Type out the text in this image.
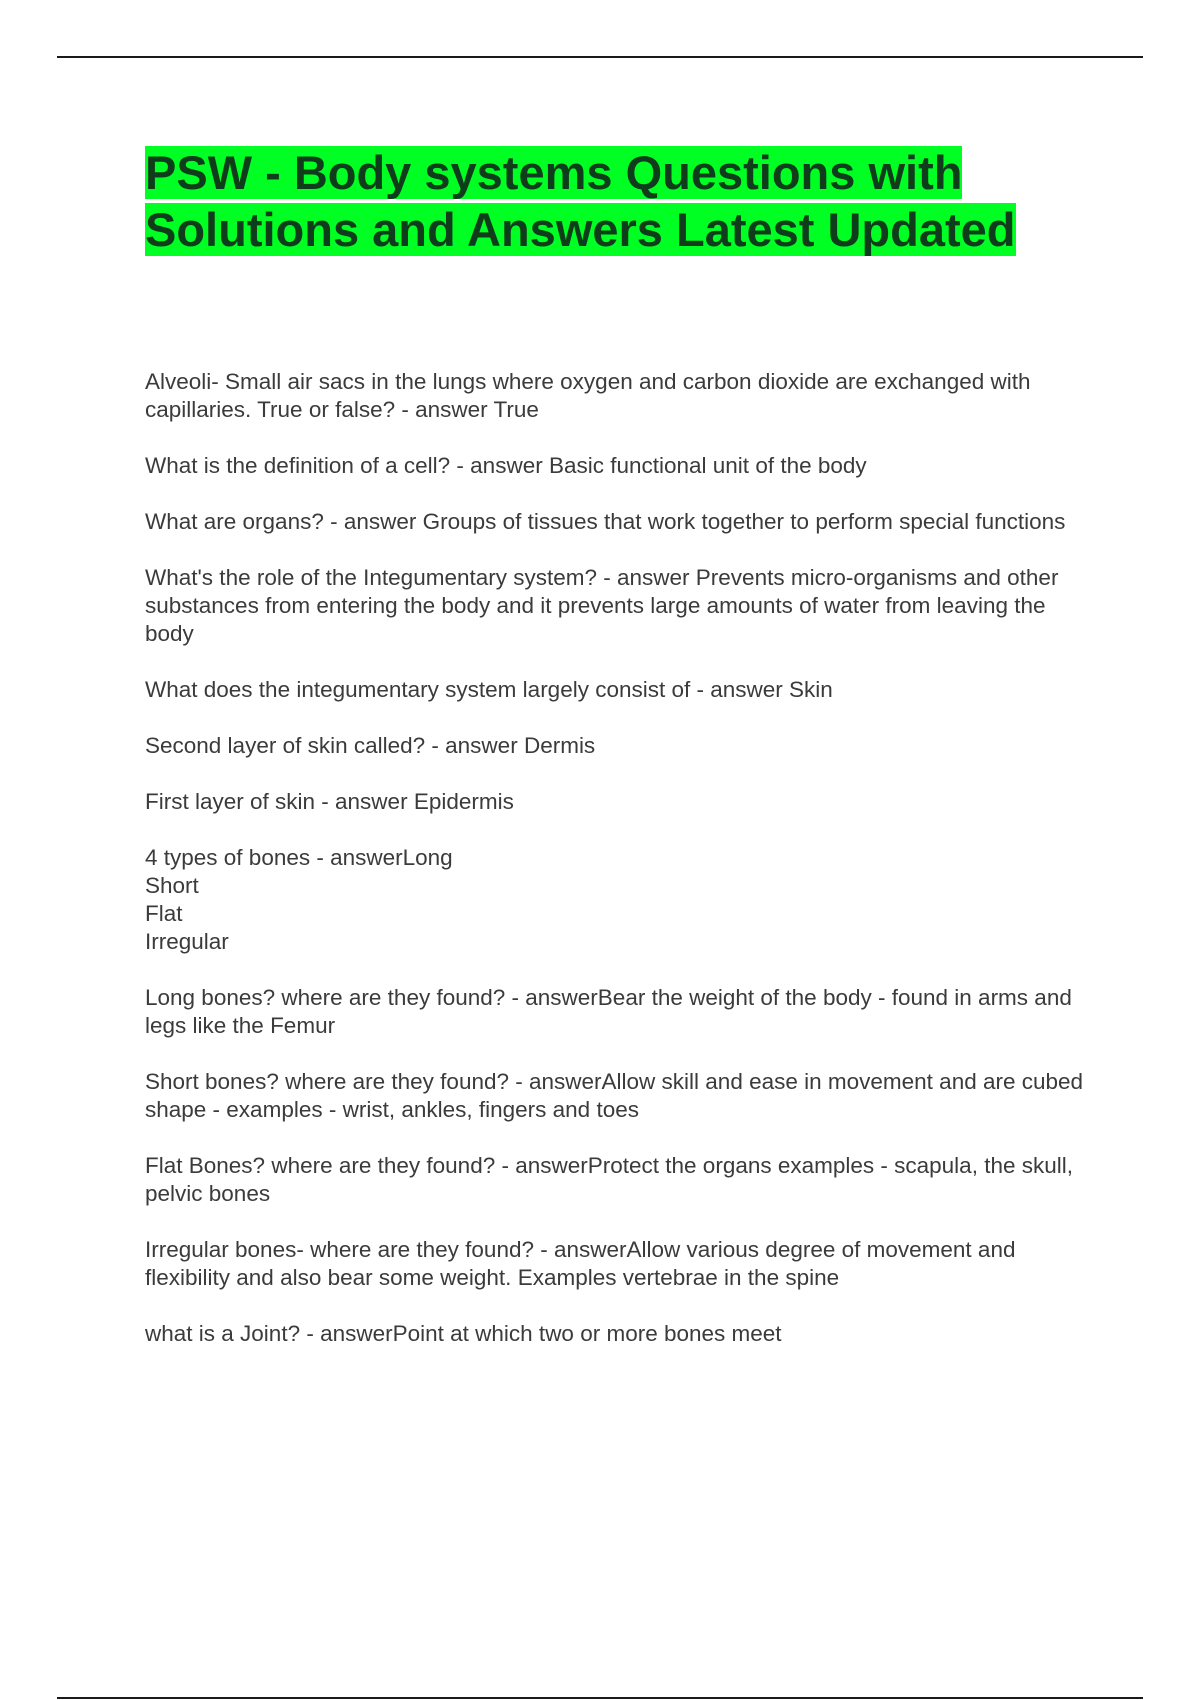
PSW - Body systems Questions with
Solutions and Answers Latest Updated
Alveoli- Small air sacs in the lungs where oxygen and carbon dioxide are exchanged with capillaries. True or false? - answer True
What is the definition of a cell? - answer Basic functional unit of the body
What are organs? - answer Groups of tissues that work together to perform special functions
What's the role of the Integumentary system? - answer Prevents micro-organisms and other substances from entering the body and it prevents large amounts of water from leaving the body
What does the integumentary system largely consist of - answer Skin
Second layer of skin called? - answer Dermis
First layer of skin - answer Epidermis
4 types of bones - answerLong
Short
Flat
Irregular
Long bones? where are they found? - answerBear the weight of the body - found in arms and legs like the Femur
Short bones? where are they found? - answerAllow skill and ease in movement and are cubed shape - examples - wrist, ankles, fingers and toes
Flat Bones? where are they found? - answerProtect the organs examples - scapula, the skull, pelvic bones
Irregular bones- where are they found? - answerAllow various degree of movement and flexibility and also bear some weight. Examples vertebrae in the spine
what is a Joint? - answerPoint at which two or more bones meet
